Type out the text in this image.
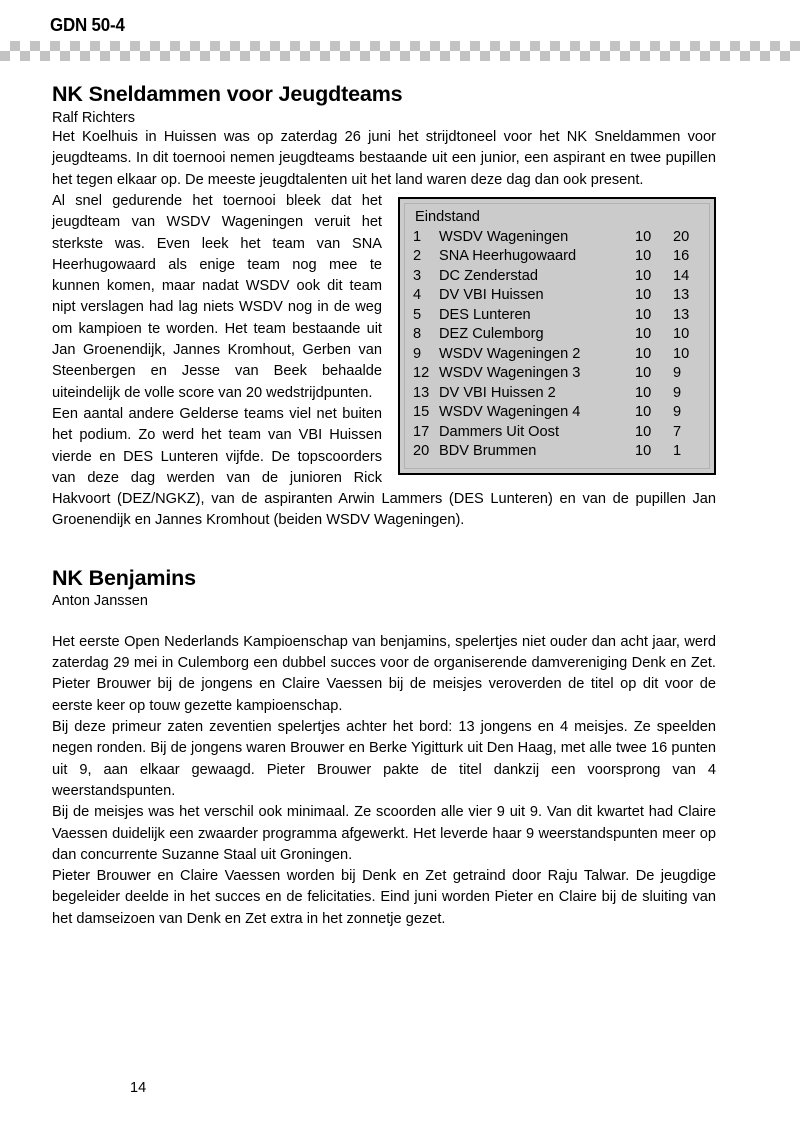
GDN 50-4
NK Sneldammen voor Jeugdteams
Ralf Richters

Het Koelhuis in Huissen was op zaterdag 26 juni het strijdtoneel voor het NK Sneldammen voor jeugdteams. In dit toernooi nemen jeugdteams bestaande uit een junior, een aspirant en twee pupillen het tegen elkaar op. De meeste jeugdtalenten uit het land waren deze dag dan ook present.

Eindstand
1	WSDV Wageningen	10	20
2	SNA Heerhugowaard	10	16
3	DC Zenderstad	10	14
4	DV VBI Huissen	10	13
5	DES Lunteren	10	13
8	DEZ Culemborg	10	10
9	WSDV Wageningen 2	10	10
12	WSDV Wageningen 3	10	9
13	DV VBI Huissen 2	10	9
15	WSDV Wageningen 4	10	9
17	Dammers Uit Oost	10	7
20	BDV Brummen	10	1

Al snel gedurende het toernooi bleek dat het jeugdteam van WSDV Wageningen veruit het sterkste was. Even leek het team van SNA Heerhugowaard als enige team nog mee te kunnen komen, maar nadat WSDV ook dit team nipt verslagen had lag niets WSDV nog in de weg om kampioen te worden. Het team bestaande uit Jan Groenendijk, Jannes Kromhout, Gerben van Steenbergen en Jesse van Beek behaalde uiteindelijk de volle score van 20 wedstrijdpunten.

Een aantal andere Gelderse teams viel net buiten het podium. Zo werd het team van VBI Huissen vierde en DES Lunteren vijfde. De topscoorders van deze dag werden van de junioren Rick Hakvoort (DEZ/NGKZ), van de aspiranten Arwin Lammers (DES Lunteren) en van de pupillen Jan Groenendijk en Jannes Kromhout (beiden WSDV Wageningen).

NK Benjamins
Anton Janssen

Het eerste Open Nederlands Kampioenschap van benjamins, spelertjes niet ouder dan acht jaar, werd zaterdag 29 mei in Culemborg een dubbel succes voor de organiserende damvereniging Denk en Zet. Pieter Brouwer bij de jongens en Claire Vaessen bij de meisjes veroverden de titel op dit voor de eerste keer op touw gezette kampioenschap.

Bij deze primeur zaten zeventien spelertjes achter het bord: 13 jongens en 4 meisjes. Ze speelden negen ronden. Bij de jongens waren Brouwer en Berke Yigitturk uit Den Haag, met alle twee 16 punten uit 9, aan elkaar gewaagd. Pieter Brouwer pakte de titel dankzij een voorsprong van 4 weerstandspunten.

Bij de meisjes was het verschil ook minimaal. Ze scoorden alle vier 9 uit 9. Van dit kwartet had Claire Vaessen duidelijk een zwaarder programma afgewerkt. Het leverde haar 9 weerstandspunten meer op dan concurrente Suzanne Staal uit Groningen.

Pieter Brouwer en Claire Vaessen worden bij Denk en Zet getraind door Raju Talwar. De jeugdige begeleider deelde in het succes en de felicitaties. Eind juni worden Pieter en Claire bij de sluiting van het damseizoen van Denk en Zet extra in het zonnetje gezet.

14
